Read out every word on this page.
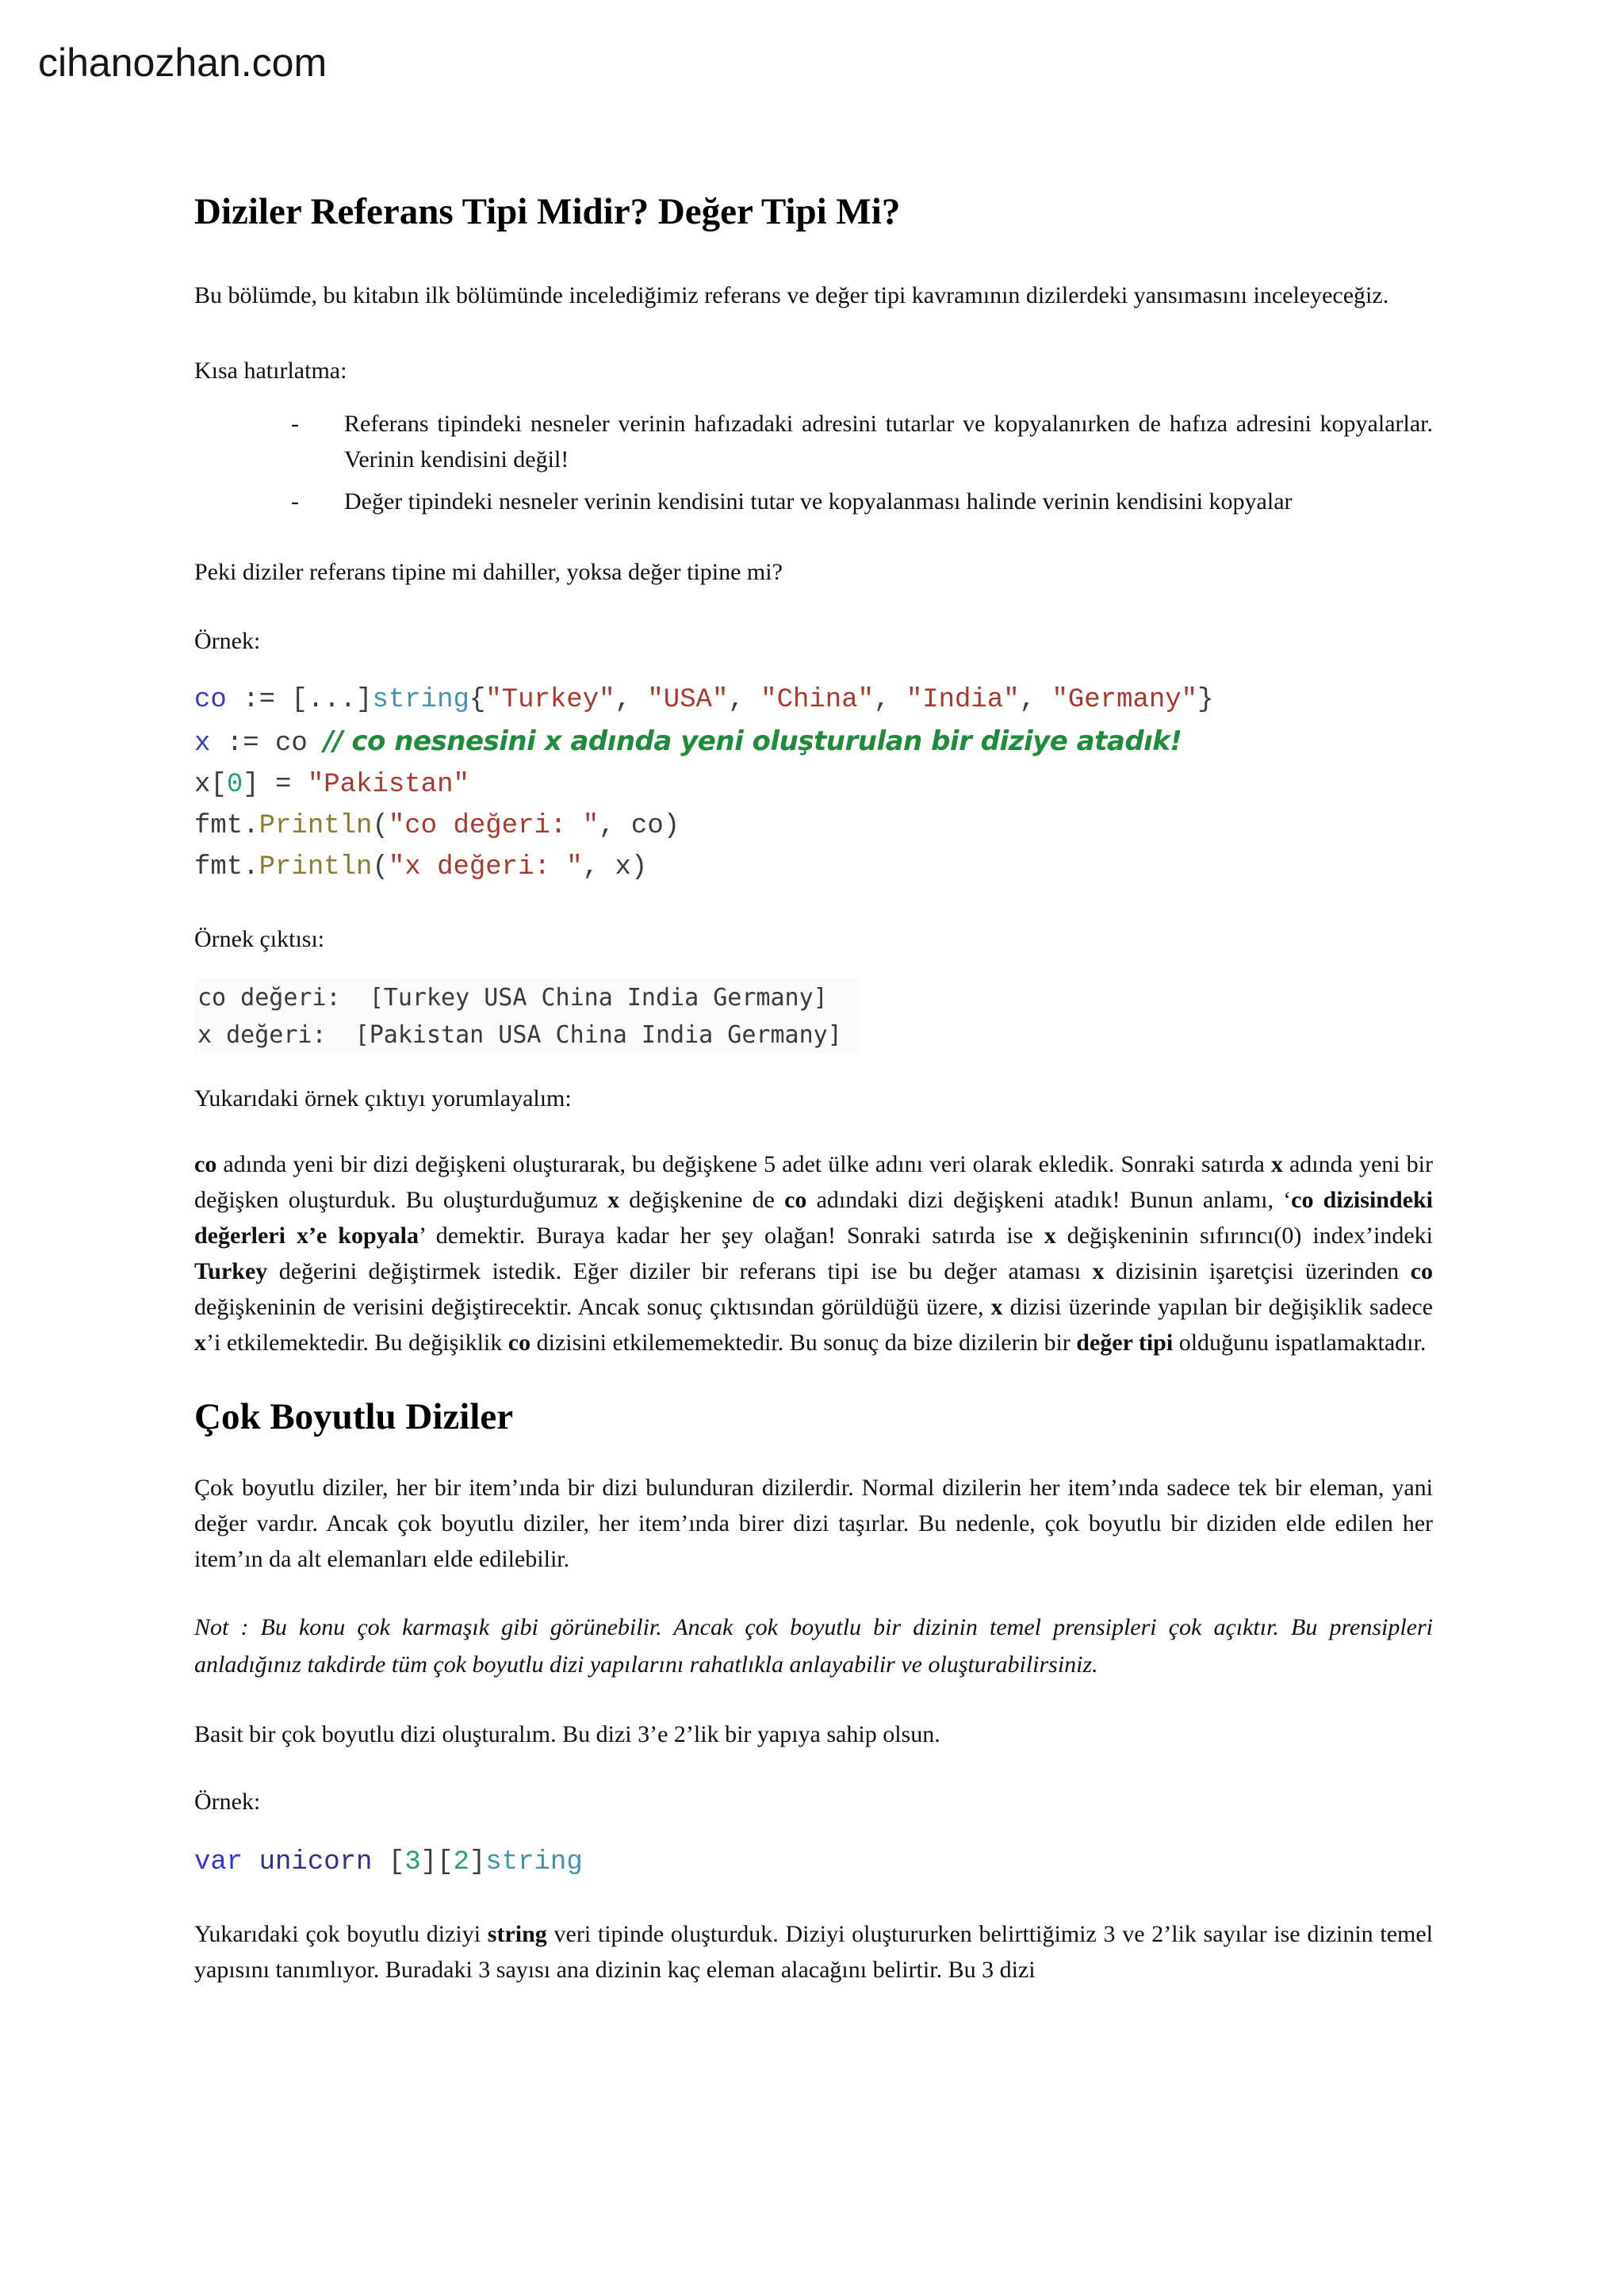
cihanozhan.com
Diziler Referans Tipi Midir? Değer Tipi Mi?

Bu bölümde, bu kitabın ilk bölümünde incelediğimiz referans ve değer tipi kavramının dizilerdeki yansımasını inceleyeceğiz.

Kısa hatırlatma:

-	Referans tipindeki nesneler verinin hafızadaki adresini tutarlar ve kopyalanırken de hafıza adresini kopyalarlar. Verinin kendisini değil!

-	Değer tipindeki nesneler verinin kendisini tutar ve kopyalanması halinde verinin kendisini kopyalar

Peki diziler referans tipine mi dahiller, yoksa değer tipine mi?

Örnek:

co := [...]string{"Turkey", "USA", "China", "India", "Germany"}
x := co // co nesnesini x adında yeni oluşturulan bir diziye atadık!
x[0] = "Pakistan"
fmt.Println("co değeri: ", co)
fmt.Println("x değeri: ", x)

Örnek çıktısı:

co değeri:  [Turkey USA China India Germany]
x değeri:  [Pakistan USA China India Germany]

Yukarıdaki örnek çıktıyı yorumlayalım:

co adında yeni bir dizi değişkeni oluşturarak, bu değişkene 5 adet ülke adını veri olarak ekledik. Sonraki satırda x adında yeni bir değişken oluşturduk. Bu oluşturduğumuz x değişkenine de co adındaki dizi değişkeni atadık! Bunun anlamı, ‘co dizisindeki değerleri x’e kopyala’ demektir. Buraya kadar her şey olağan! Sonraki satırda ise x değişkeninin sıfırıncı(0) index’indeki Turkey değerini değiştirmek istedik. Eğer diziler bir referans tipi ise bu değer ataması x dizisinin işaretçisi üzerinden co değişkeninin de verisini değiştirecektir. Ancak sonuç çıktısından görüldüğü üzere, x dizisi üzerinde yapılan bir değişiklik sadece x’i etkilemektedir. Bu değişiklik co dizisini etkilememektedir. Bu sonuç da bize dizilerin bir değer tipi olduğunu ispatlamaktadır.

Çok Boyutlu Diziler

Çok boyutlu diziler, her bir item’ında bir dizi bulunduran dizilerdir. Normal dizilerin her item’ında sadece tek bir eleman, yani değer vardır. Ancak çok boyutlu diziler, her item’ında birer dizi taşırlar. Bu nedenle, çok boyutlu bir diziden elde edilen her item’ın da alt elemanları elde edilebilir.

Not : Bu konu çok karmaşık gibi görünebilir. Ancak çok boyutlu bir dizinin temel prensipleri çok açıktır. Bu prensipleri anladığınız takdirde tüm çok boyutlu dizi yapılarını rahatlıkla anlayabilir ve oluşturabilirsiniz.

Basit bir çok boyutlu dizi oluşturalım. Bu dizi 3’e 2’lik bir yapıya sahip olsun.

Örnek:

var unicorn [3][2]string

Yukarıdaki çok boyutlu diziyi string veri tipinde oluşturduk. Diziyi oluştururken belirttiğimiz 3 ve 2’lik sayılar ise dizinin temel yapısını tanımlıyor. Buradaki 3 sayısı ana dizinin kaç eleman alacağını belirtir. Bu 3 dizi
